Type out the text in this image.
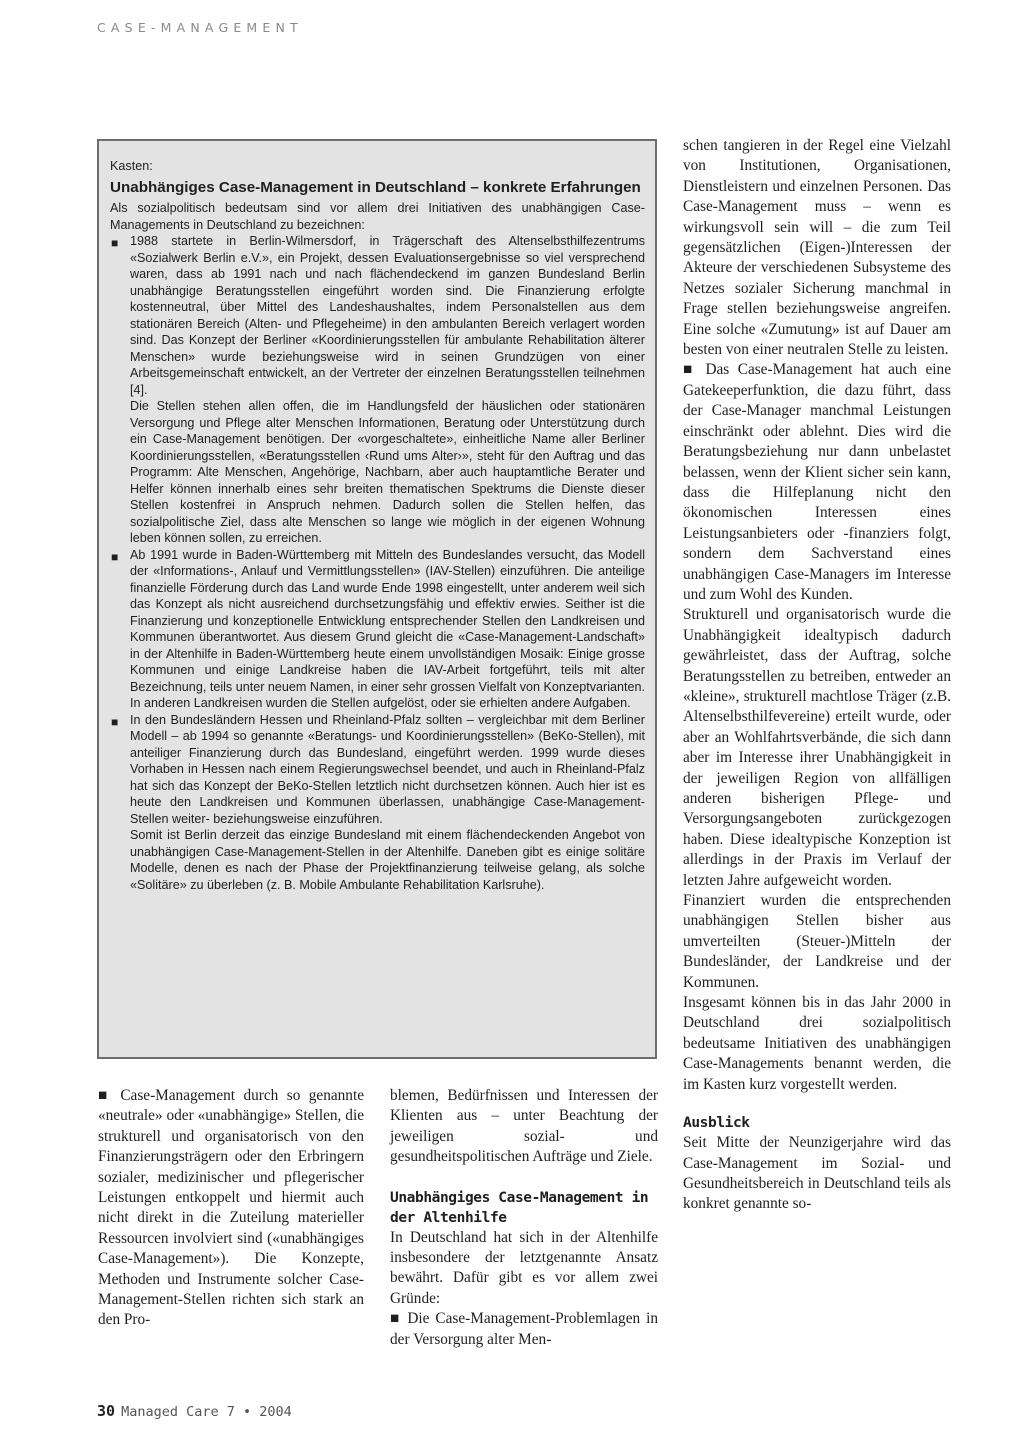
CASE-MANAGEMENT

Kasten:

Unabhängiges Case-Management in Deutschland – konkrete Erfahrungen

Als sozialpolitisch bedeutsam sind vor allem drei Initiativen des unabhängigen Case-Managements in Deutschland zu bezeichnen:

■ 1988 startete in Berlin-Wilmersdorf, in Trägerschaft des Altenselbsthilfezentrums «Sozialwerk Berlin e.V.», ein Projekt, dessen Evaluationsergebnisse so viel versprechend waren, dass ab 1991 nach und nach flächendeckend im ganzen Bundesland Berlin unabhängige Beratungsstellen eingeführt worden sind. Die Finanzierung erfolgte kostenneutral, über Mittel des Landeshaushaltes, indem Personalstellen aus dem stationären Bereich (Alten- und Pflegeheime) in den ambulanten Bereich verlagert worden sind. Das Konzept der Berliner «Koordinierungsstellen für ambulante Rehabilitation älterer Menschen» wurde beziehungsweise wird in seinen Grundzügen von einer Arbeitsgemeinschaft entwickelt, an der Vertreter der einzelnen Beratungsstellen teilnehmen [4].

Die Stellen stehen allen offen, die im Handlungsfeld der häuslichen oder stationären Versorgung und Pflege alter Menschen Informationen, Beratung oder Unterstützung durch ein Case-Management benötigen. Der «vorgeschaltete», einheitliche Name aller Berliner Koordinierungsstellen, «Beratungsstellen ‹Rund ums Alter›», steht für den Auftrag und das Programm: Alte Menschen, Angehörige, Nachbarn, aber auch hauptamtliche Berater und Helfer können innerhalb eines sehr breiten thematischen Spektrums die Dienste dieser Stellen kostenfrei in Anspruch nehmen. Dadurch sollen die Stellen helfen, das sozialpolitische Ziel, dass alte Menschen so lange wie möglich in der eigenen Wohnung leben können sollen, zu erreichen.

■ Ab 1991 wurde in Baden-Württemberg mit Mitteln des Bundeslandes versucht, das Modell der «Informations-, Anlauf und Vermittlungsstellen» (IAV-Stellen) einzuführen. Die anteilige finanzielle Förderung durch das Land wurde Ende 1998 eingestellt, unter anderem weil sich das Konzept als nicht ausreichend durchsetzungsfähig und effektiv erwies. Seither ist die Finanzierung und konzeptionelle Entwicklung entsprechender Stellen den Landkreisen und Kommunen überantwortet. Aus diesem Grund gleicht die «Case-Management-Landschaft» in der Altenhilfe in Baden-Württemberg heute einem unvollständigen Mosaik: Einige grosse Kommunen und einige Landkreise haben die IAV-Arbeit fortgeführt, teils mit alter Bezeichnung, teils unter neuem Namen, in einer sehr grossen Vielfalt von Konzeptvarianten. In anderen Landkreisen wurden die Stellen aufgelöst, oder sie erhielten andere Aufgaben.

■ In den Bundesländern Hessen und Rheinland-Pfalz sollten – vergleichbar mit dem Berliner Modell – ab 1994 so genannte «Beratungs- und Koordinierungsstellen» (BeKo-Stellen), mit anteiliger Finanzierung durch das Bundesland, eingeführt werden. 1999 wurde dieses Vorhaben in Hessen nach einem Regierungswechsel beendet, und auch in Rheinland-Pfalz hat sich das Konzept der BeKo-Stellen letztlich nicht durchsetzen können. Auch hier ist es heute den Landkreisen und Kommunen überlassen, unabhängige Case-Management-Stellen weiter- beziehungsweise einzuführen.

Somit ist Berlin derzeit das einzige Bundesland mit einem flächendeckenden Angebot von unabhängigen Case-Management-Stellen in der Altenhilfe. Daneben gibt es einige solitäre Modelle, denen es nach der Phase der Projektfinanzierung teilweise gelang, als solche «Solitäre» zu überleben (z. B. Mobile Ambulante Rehabilitation Karlsruhe).

■ Case-Management durch so genannte «neutrale» oder «unabhängige» Stellen, die strukturell und organisatorisch von den Finanzierungsträgern oder den Erbringern sozialer, medizinischer und pflegerischer Leistungen entkoppelt und hiermit auch nicht direkt in die Zuteilung materieller Ressourcen involviert sind («unabhängiges Case-Management»). Die Konzepte, Methoden und Instrumente solcher Case-Management-Stellen richten sich stark an den Pro-

blemen, Bedürfnissen und Interessen der Klienten aus – unter Beachtung der jeweiligen sozial- und gesundheitspolitischen Aufträge und Ziele.

Unabhängiges Case-Management in der Altenhilfe

In Deutschland hat sich in der Altenhilfe insbesondere der letztgenannte Ansatz bewährt. Dafür gibt es vor allem zwei Gründe:

■ Die Case-Management-Problemlagen in der Versorgung alter Men-

schen tangieren in der Regel eine Vielzahl von Institutionen, Organisationen, Dienstleistern und einzelnen Personen. Das Case-Management muss – wenn es wirkungsvoll sein will – die zum Teil gegensätzlichen (Eigen-)Interessen der Akteure der verschiedenen Subsysteme des Netzes sozialer Sicherung manchmal in Frage stellen beziehungsweise angreifen. Eine solche «Zumutung» ist auf Dauer am besten von einer neutralen Stelle zu leisten.

■ Das Case-Management hat auch eine Gatekeeperfunktion, die dazu führt, dass der Case-Manager manchmal Leistungen einschränkt oder ablehnt. Dies wird die Beratungsbeziehung nur dann unbelastet belassen, wenn der Klient sicher sein kann, dass die Hilfeplanung nicht den ökonomischen Interessen eines Leistungsanbieters oder -finanziers folgt, sondern dem Sachverstand eines unabhängigen Case-Managers im Interesse und zum Wohl des Kunden.

Strukturell und organisatorisch wurde die Unabhängigkeit idealtypisch dadurch gewährleistet, dass der Auftrag, solche Beratungsstellen zu betreiben, entweder an «kleine», strukturell machtlose Träger (z.B. Altenselbsthilfevereine) erteilt wurde, oder aber an Wohlfahrtsverbände, die sich dann aber im Interesse ihrer Unabhängigkeit in der jeweiligen Region von allfälligen anderen bisherigen Pflege- und Versorgungsangeboten zurückgezogen haben. Diese idealtypische Konzeption ist allerdings in der Praxis im Verlauf der letzten Jahre aufgeweicht worden.

Finanziert wurden die entsprechenden unabhängigen Stellen bisher aus umverteilten (Steuer-)Mitteln der Bundesländer, der Landkreise und der Kommunen.

Insgesamt können bis in das Jahr 2000 in Deutschland drei sozialpolitisch bedeutsame Initiativen des unabhängigen Case-Managements benannt werden, die im Kasten kurz vorgestellt werden.

Ausblick

Seit Mitte der Neunzigerjahre wird das Case-Management im Sozial- und Gesundheitsbereich in Deutschland teils als konkret genannte so-

30 Managed Care 7 • 2004
